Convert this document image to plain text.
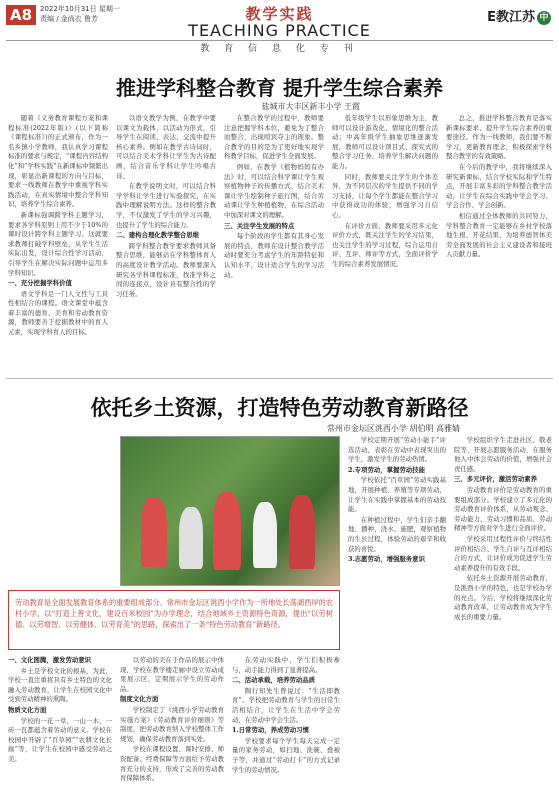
A8	2022年10月31日 星期一
责编 / 金尚衣 鲁芳	教学实践
TEACHING PRACTICE
教 育 信 息 化 专 刊
E教江苏 中
推进学科整合教育 提升学生综合素养
盐城市大丰区新丰小学 王霞

随着《义务教育课程方案和课程标准(2022年版)》(以下简称《课程标准》)的正式颁布，作为一名乡镇小学教师，我认真学习课程标准的要求与规定，“课程内容结构化”和“学科实践”在新课标中频繁出现，彰显出新课程的方向与目标，要求一线教师在教学中重视学科实践活动，在真实情境中整合学科知识，培养学生综合素养。

新课标强调跨学科主题学习，要求各学科原则上用不少于10%的课时设计跨学科主题学习。这就要求教师打破学科壁垒，从学生生活实际出发，设计综合性学习活动，引导学生在解决实际问题中运用多学科知识。

一、充分挖掘学科价值

语文学科是一门人文性与工具性相结合的课程。语文课堂中蕴含着丰富的德育、美育和劳动教育资源，教师要善于挖掘教材中的育人元素，实现学科育人的目标。

以语文教学为例，在教学中要以课文为载体，以活动为形式，引导学生在阅读、表达、交流中提升核心素养。例如在教学古诗词时，可以结合美术学科让学生为古诗配画，结合音乐学科让学生吟唱古诗。

在教学说明文时，可以结合科学学科让学生进行实验探究，在实践中理解说明方法。这样的整合教学，不仅激发了学生的学习兴趣，也提升了学生的综合能力。

二、建构合理化教学整合思维

跨学科整合教学要求教师具备整合思维，能够站在学科整体育人的高度设计教学活动。教师要深入研究各学科课程标准，找准学科之间的连接点，设计具有整合性的学习任务。

在整合教学的过程中，教师要注意把握学科本位，避免为了整合而整合，出现喧宾夺主的现象。整合教学的目的是为了更好地实现学科教学目标，促进学生全面发展。

例如，在教学《植物妈妈有办法》时，可以结合科学课让学生观察植物种子的传播方式，结合美术课让学生绘制种子旅行图，结合劳动课让学生种植植物，在综合活动中加深对课文的理解。

三、关注学生发展的特点

每个阶段的学生都有其身心发展的特点，教师在设计整合教学活动时要充分考虑学生的年龄特征和认知水平，设计适合学生的学习活动。

低年级学生以形象思维为主，教师可以设计游戏化、情境化的整合活动；中高年级学生抽象思维逐渐发展，教师可以设计项目式、探究式的整合学习任务，培养学生解决问题的能力。

同时，教师要关注学生的个体差异，为不同层次的学生提供不同的学习支持，让每个学生都能在整合学习中获得成功的体验，增强学习自信心。

在评价方面，教师要采用多元化评价方式，既关注学生的学习结果，也关注学生的学习过程，综合运用自评、互评、师评等方式，全面评价学生的综合素养发展情况。

总之，推进学科整合教育是落实新课标要求、提升学生综合素养的重要途径。作为一线教师，我们要不断学习，更新教育理念，积极探索学科整合教学的有效策略。

在今后的教学中，我将继续深入研究新课标，结合学校实际和学生特点，开展丰富多彩的学科整合教学活动，让学生在综合实践中学会学习、学会合作、学会创新。

相信通过全体教师的共同努力，学科整合教育一定能够在乡村学校落地生根、开花结果，为培养德智体美劳全面发展的社会主义建设者和接班人贡献力量。

依托乡土资源，打造特色劳动教育新路径
常州市金坛区洮西小学 胡伯明 高雅婧
劳动教育是全面发展教育体系的重要组成部分。常州市金坛区洮西小学作为一所地处长荡湖西岸的农村小学，以“打造上善文化，建设百米校园”为办学理念，结合地域乡土资源特色资源，提出“以劳树德、以劳增智、以劳健体、以劳育美”的思路，探索出了一条“特色劳动教育”新路径。

一、文化图腾，激发劳动意识

乡土是学校文化的根基，为此，学校一直注重将具有乡土特色的文化融入劳动教育，让学生在校园文化中受到劳动精神的熏陶。

物质文化方面

学校的一花一草、一山一木，一砖一瓦都蕴含着劳动的意义。学校在校园中开辟了“百草园”“农耕文化长廊”等，让学生在校园中感受劳动之美。

以劳动的美在于作品的展示中体现，学校在教学楼走廊中设立劳动成果展示区，定期展示学生的劳动作品。

制度文化方面

学校制定了《洮西小学劳动教育实施方案》《劳动教育评价细则》等制度，把劳动教育纳入学校整体工作规划，确保劳动教育落到实处。

学校在课程设置、课时安排、师资配备、经费保障等方面给予劳动教育充分的支持，形成了完善的劳动教育保障体系。

在劳动实践中，学生们积极参与，动手能力得到了显著提高。

二、活动承载，培养劳动品质

陶行知先生曾说过：“生活即教育”。学校把劳动教育与学生的日常生活相结合，让学生在生活中学会劳动，在劳动中学会生活。

1.日常劳动，养成劳动习惯

学校要求每个学生每天完成一定量的家务劳动，如扫地、洗碗、叠被子等，并通过“劳动打卡”的方式记录学生的劳动情况。

学校定期开展“劳动小能手”评选活动，表彰在劳动中表现突出的学生，激发学生的劳动热情。

2.专项劳动，掌握劳动技能

学校依托“百草园”劳动实践基地，开展种植、养殖等专项劳动，让学生在实践中掌握基本的劳动技能。

在种植过程中，学生们亲手翻地、播种、浇水、施肥，观察植物的生长过程，体验劳动的艰辛和收获的喜悦。

3.志愿劳动，增强服务意识

学校组织学生走进社区、敬老院等，开展志愿服务活动，在服务他人中体会劳动的价值，增强社会责任感。

三、多元评价，激活劳动素养

劳动教育评价是劳动教育的重要组成部分。学校建立了多元化的劳动教育评价体系，从劳动观念、劳动能力、劳动习惯和品质、劳动精神等方面对学生进行全面评价。

学校采用过程性评价与终结性评价相结合、学生自评与互评相结合的方式，让评价成为促进学生劳动素养提升的有效手段。

依托乡土资源开展劳动教育，是洮西小学的特色，也是学校办学的亮点。今后，学校将继续深化劳动教育改革，让劳动教育成为学生成长的重要力量。
